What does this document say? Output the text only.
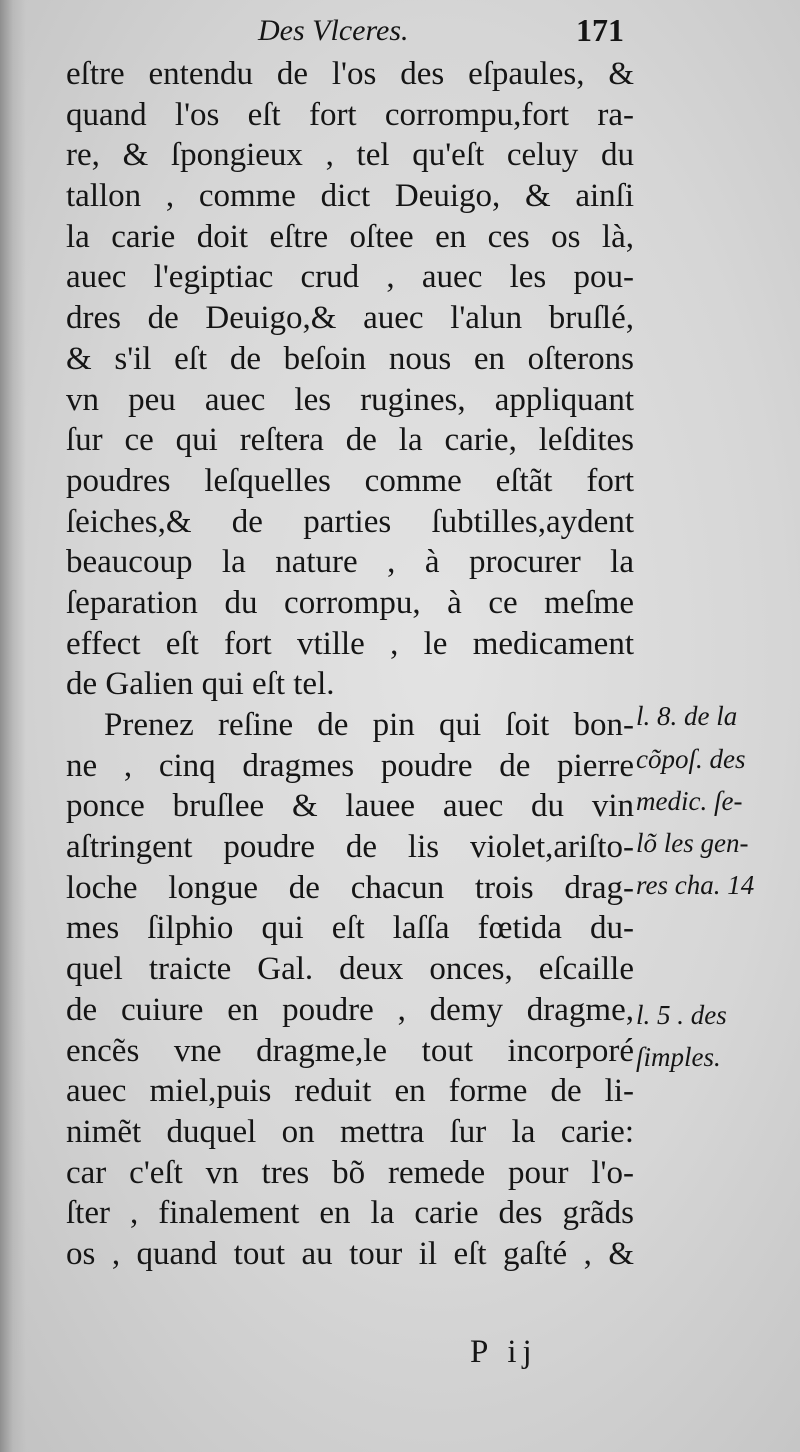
Des Vlceres.	171
eſtre entendu de l'os des eſpaules, &
quand l'os eſt fort corrompu,fort ra-
re, & ſpongieux , tel qu'eſt celuy du
tallon , comme dict Deuigo, & ainſi
la carie doit eſtre oſtee en ces os là,
auec l'egiptiac crud , auec les pou-
dres de Deuigo,& auec l'alun bruſlé,
& s'il eſt de beſoin nous en oſterons
vn peu auec les rugines, appliquant
ſur ce qui reſtera de la carie, leſdites
poudres leſquelles comme eſtãt fort
ſeiches,& de parties ſubtilles,aydent
beaucoup la nature , à procurer la
ſeparation du corrompu, à ce meſme
effect eſt fort vtille , le medicament
de Galien qui eſt tel.
Prenez reſine de pin qui ſoit bon-
ne , cinq dragmes poudre de pierre
ponce bruſlee & lauee auec du vin
aſtringent poudre de lis violet,ariſto-
loche longue de chacun trois drag-
mes ſilphio qui eſt laſſa fœtida du-
quel traicte Gal. deux onces, eſcaille
de cuiure en poudre , demy dragme,
encẽs vne dragme,le tout incorporé
auec miel,puis reduit en forme de li-
nimẽt duquel on mettra ſur la carie:
car c'eſt vn tres bõ remede pour l'o-
ſter , finalement en la carie des grãds
os , quand tout au tour il eſt gaſté , &
l. 8. de la
cõpoſ. des
medic. ſe-
lõ les gen-
res cha. 14
l. 5 . des
ſimples.
P ij
